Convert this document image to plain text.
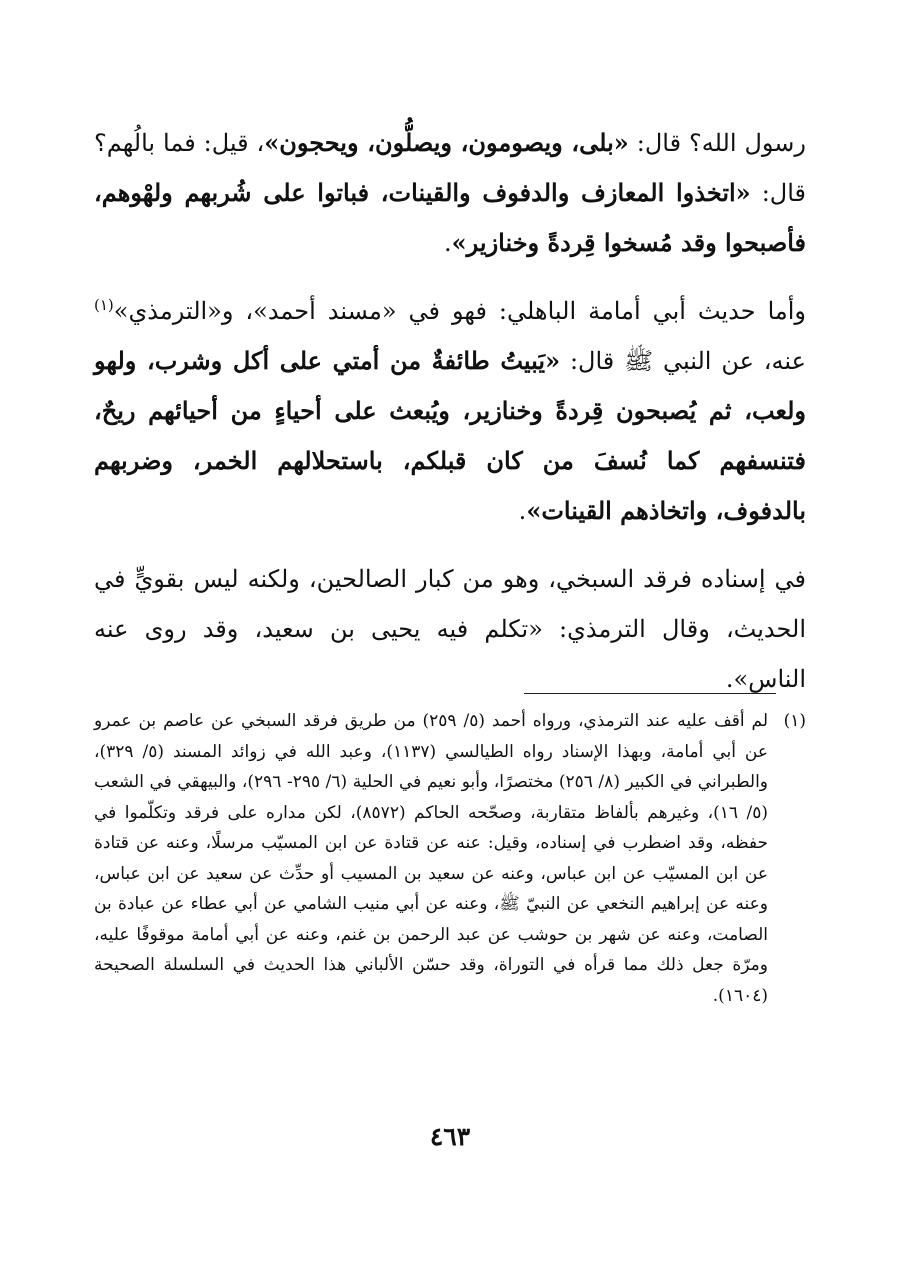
رسول الله؟ قال: «بلى، ويصومون، ويصلُّون، ويحجون»، قيل: فما بالُهم؟ قال: «اتخذوا المعازف والدفوف والقينات، فباتوا على شُربهم ولهْوهم، فأصبحوا وقد مُسخوا قِردةً وخنازير».

وأما حديث أبي أمامة الباهلي: فهو في «مسند أحمد»، و«الترمذي»$^{(١)}$ عنه، عن النبي ﷺ قال: «يَبيتُ طائفةٌ من أمتي على أكل وشرب، ولهو ولعب، ثم يُصبحون قِردةً وخنازير، ويُبعث على أحياءٍ من أحيائهم ريحٌ، فتنسفهم كما نُسفَ من كان قبلكم، باستحلالهم الخمر، وضربهم بالدفوف، واتخاذهم القينات».

في إسناده فرقد السبخي، وهو من كبار الصالحين، ولكنه ليس بقويٍّ في الحديث، وقال الترمذي: «تكلم فيه يحيى بن سعيد، وقد روى عنه الناس».

(١)
لم أقف عليه عند الترمذي، ورواه أحمد (٥/ ٢٥٩) من طريق فرقد السبخي عن عاصم بن عمرو عن أبي أمامة، وبهذا الإسناد رواه الطيالسي (١١٣٧)، وعبد الله في زوائد المسند (٥/ ٣٢٩)، والطبراني في الكبير (٨/ ٢٥٦) مختصرًا، وأبو نعيم في الحلية (٦/ ٢٩٥- ٢٩٦)، والبيهقي في الشعب (٥/ ١٦)، وغيرهم بألفاظ متقاربة، وصحّحه الحاكم (٨٥٧٢)، لكن مداره على فرقد وتكلّموا في حفظه، وقد اضطرب في إسناده، وقيل: عنه عن قتادة عن ابن المسيّب مرسلًا، وعنه عن قتادة عن ابن المسيّب عن ابن عباس، وعنه عن سعيد بن المسيب أو حدِّث عن سعيد عن ابن عباس، وعنه عن إبراهيم النخعي عن النبيّ ﷺ، وعنه عن أبي منيب الشامي عن أبي عطاء عن عبادة بن الصامت، وعنه عن شهر بن حوشب عن عبد الرحمن بن غنم، وعنه عن أبي أمامة موقوفًا عليه، ومرّة جعل ذلك مما قرأه في التوراة، وقد حسّن الألباني هذا الحديث في السلسلة الصحيحة (١٦٠٤).
٤٦٣
